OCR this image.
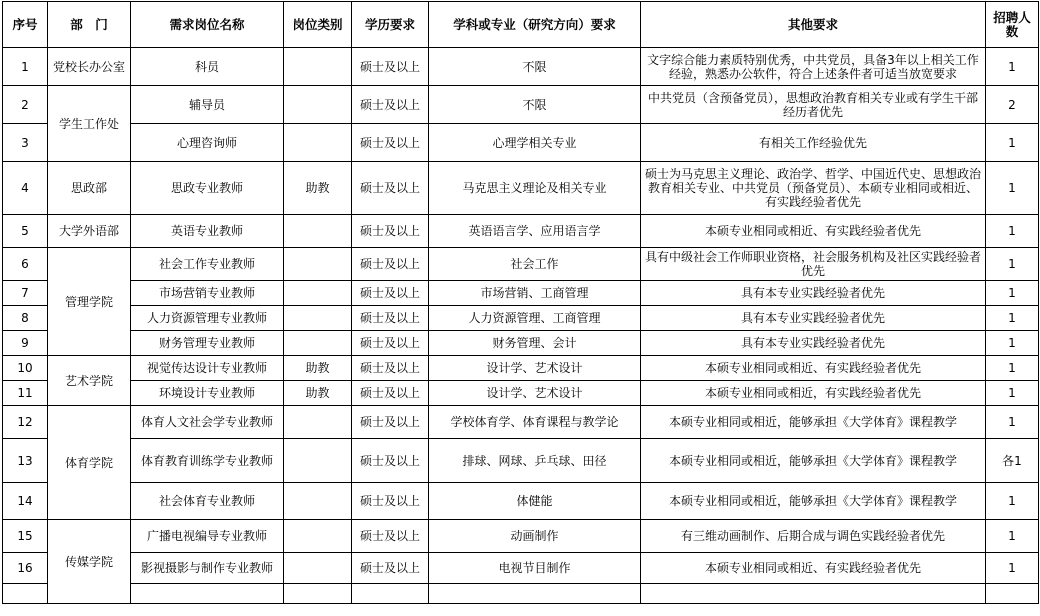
序号	部　门	需求岗位名称	岗位类别	学历要求	学科或专业（研究方向）要求	其他要求	招聘人数
1	党校长办公室	科员		硕士及以上	不限	文字综合能力素质特别优秀，中共党员，具备3年以上相关工作经验，熟悉办公软件，符合上述条件者可适当放宽要求	1
2	学生工作处	辅导员		硕士及以上	不限	中共党员（含预备党员），思想政治教育相关专业或有学生干部经历者优先	2
3		心理咨询师		硕士及以上	心理学相关专业	有相关工作经验优先	1
4	思政部	思政专业教师	助教	硕士及以上	马克思主义理论及相关专业	硕士为马克思主义理论、政治学、哲学、中国近代史、思想政治教育相关专业、中共党员（预备党员）、本硕专业相同或相近、有实践经验者优先	1
5	大学外语部	英语专业教师		硕士及以上	英语语言学、应用语言学	本硕专业相同或相近、有实践经验者优先	1
6	管理学院	社会工作专业教师		硕士及以上	社会工作	具有中级社会工作师职业资格，社会服务机构及社区实践经验者优先	1
7		市场营销专业教师		硕士及以上	市场营销、工商管理	具有本专业实践经验者优先	1
8		人力资源管理专业教师		硕士及以上	人力资源管理、工商管理	具有本专业实践经验者优先	1
9		财务管理专业教师		硕士及以上	财务管理、会计	具有本专业实践经验者优先	1
10	艺术学院	视觉传达设计专业教师	助教	硕士及以上	设计学、艺术设计	本硕专业相同或相近、有实践经验者优先	1
11		环境设计专业教师	助教	硕士及以上	设计学、艺术设计	本硕专业相同或相近，有实践经验者优先	1
12	体育学院	体育人文社会学专业教师		硕士及以上	学校体育学、体育课程与教学论	本硕专业相同或相近，能够承担《大学体育》课程教学	1
13		体育教育训练学专业教师		硕士及以上	排球、网球、乒乓球、田径	本硕专业相同或相近，能够承担《大学体育》课程教学	各1
14		社会体育专业教师		硕士及以上	体健能	本硕专业相同或相近，能够承担《大学体育》课程教学	1
15	传媒学院	广播电视编导专业教师		硕士及以上	动画制作	有三维动画制作、后期合成与调色实践经验者优先	1
16		影视摄影与制作专业教师		硕士及以上	电视节目制作	本硕专业相同或相近、有实践经验者优先	1
